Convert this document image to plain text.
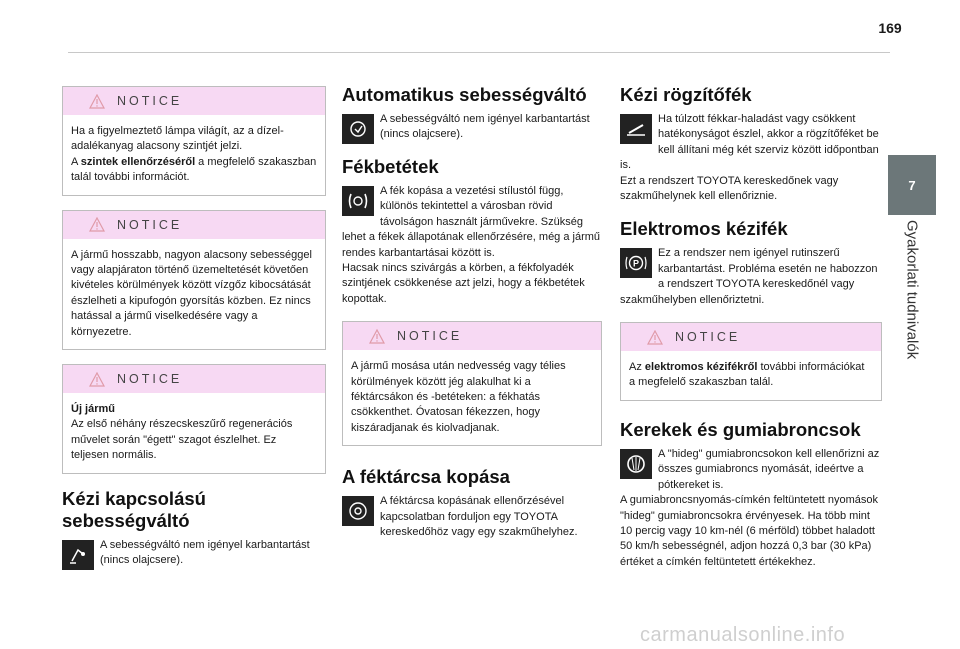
169
7
Gyakorlati tudnivalók
NOTICE
Ha a figyelmeztető lámpa világít, az a dízel-adalékanyag alacsony szintjét jelzi.
A szintek ellenőrzéséről a megfelelő szakaszban talál további információt.
NOTICE
A jármű hosszabb, nagyon alacsony sebességgel vagy alapjáraton történő üzemeltetését követően kivételes körülmények között vízgőz kibocsátását észlelheti a kipufogón gyorsítás közben. Ez nincs hatással a jármű viselkedésére vagy a környezetre.
NOTICE
Új jármű
Az első néhány részecskeszűrő regenerációs művelet során "égett" szagot észlelhet. Ez teljesen normális.
Kézi kapcsolású sebességváltó
A sebességváltó nem igényel karbantartást (nincs olajcsere).
Automatikus sebességváltó
A sebességváltó nem igényel karbantartást (nincs olajcsere).
Fékbetétek
A fék kopása a vezetési stílustól függ, különös tekintettel a városban rövid távolságon használt járművekre. Szükség lehet a fékek állapotának ellenőrzésére, még a jármű rendes karbantartásai között is.
Hacsak nincs szivárgás a körben, a fékfolyadék szintjének csökkenése azt jelzi, hogy a fékbetétek kopottak.
NOTICE
A jármű mosása után nedvesség vagy télies körülmények között jég alakulhat ki a féktárcsákon és -betéteken: a fékhatás csökkenthet. Óvatosan fékezzen, hogy kiszáradjanak és kiolvadjanak.
A féktárcsa kopása
A féktárcsa kopásának ellenőrzésével kapcsolatban forduljon egy TOYOTA kereskedőhöz vagy egy szakműhelyhez.
Kézi rögzítőfék
Ha túlzott fékkar-haladást vagy csökkent hatékonyságot észlel, akkor a rögzítőféket be kell állítani még két szerviz között időpontban is.
Ezt a rendszert TOYOTA kereskedőnek vagy szakműhelynek kell ellenőriznie.
Elektromos kézifék
P
Ez a rendszer nem igényel rutinszerű karbantartást. Probléma esetén ne habozzon a rendszert TOYOTA kereskedőnél vagy szakműhelyben ellenőriztetni.
NOTICE
Az elektromos kézifékről további információkat a megfelelő szakaszban talál.
Kerekek és gumiabroncsok
A "hideg" gumiabroncsokon kell ellenőrizni az összes gumiabroncs nyomását, ideértve a pótkereket is.
A gumiabroncsnyomás-címkén feltüntetett nyomások "hideg" gumiabroncsokra érvényesek. Ha több mint 10 percig vagy 10 km-nél (6 mérföld) többet haladott 50 km/h sebességnél, adjon hozzá 0,3 bar (30 kPa) értéket a címkén feltüntetett értékekhez.
carmanualsonline.info
